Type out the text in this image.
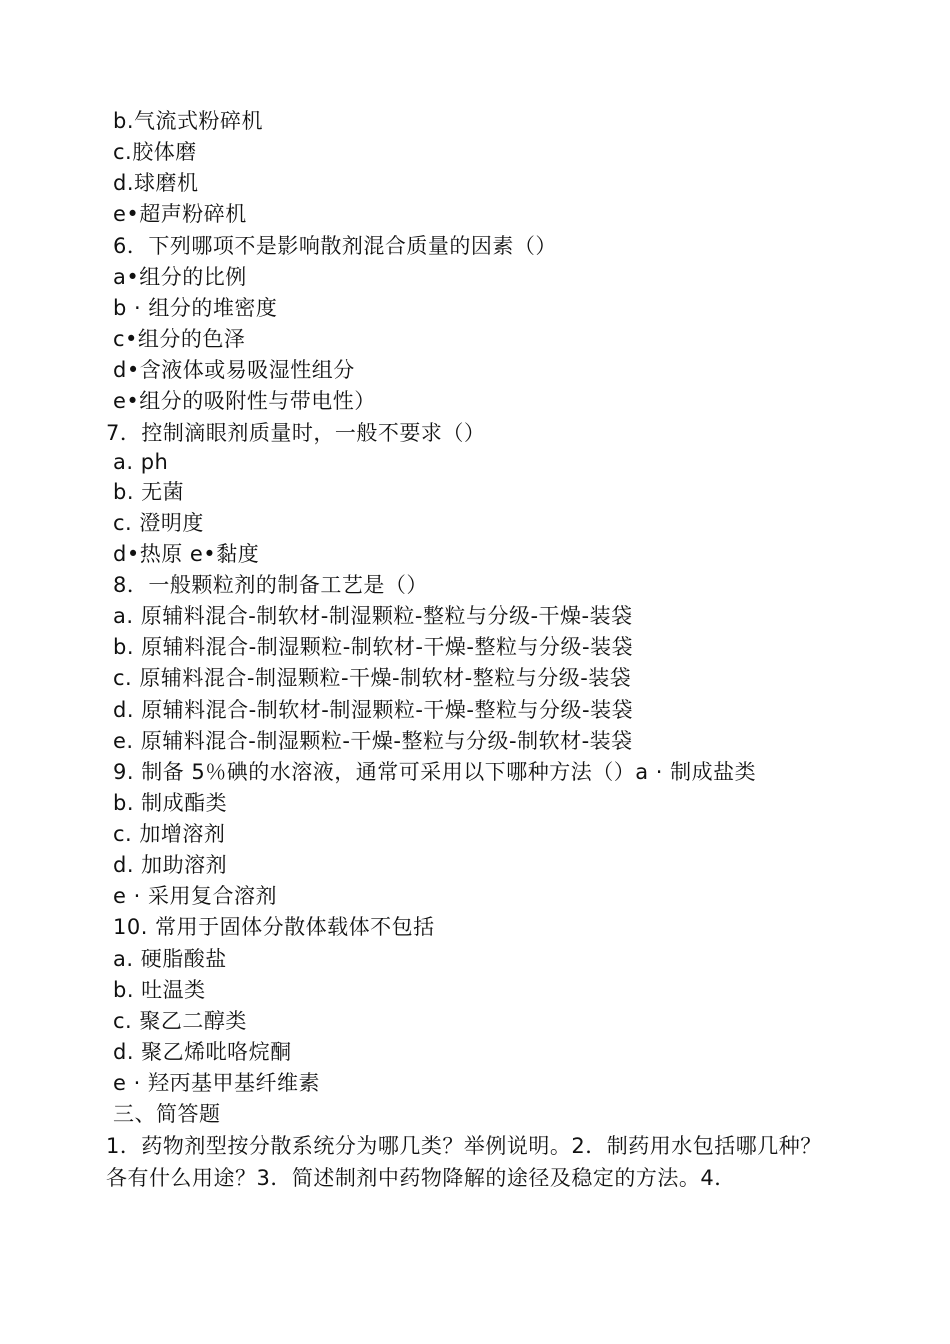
b.气流式粉碎机
c.胶体磨
d.球磨机
e•超声粉碎机
6．下列哪项不是影响散剂混合质量的因素（）
a•组分的比例
b · 组分的堆密度
c•组分的色泽
d•含液体或易吸湿性组分
e•组分的吸附性与带电性）
7．控制滴眼剂质量时，一般不要求（）
a. ph
b. 无菌
c. 澄明度
d•热原 e•黏度
8．一般颗粒剂的制备工艺是（）
a. 原辅料混合-制软材-制湿颗粒-整粒与分级-干燥-装袋
b. 原辅料混合-制湿颗粒-制软材-干燥-整粒与分级-装袋
c. 原辅料混合-制湿颗粒-干燥-制软材-整粒与分级-装袋
d. 原辅料混合-制软材-制湿颗粒-干燥-整粒与分级-装袋
e. 原辅料混合-制湿颗粒-干燥-整粒与分级-制软材-装袋
9. 制备 5％碘的水溶液，通常可采用以下哪种方法（）a · 制成盐类
b. 制成酯类
c. 加增溶剂
d. 加助溶剂
e · 采用复合溶剂
10. 常用于固体分散体载体不包括
a. 硬脂酸盐
b. 吐温类
c. 聚乙二醇类
d. 聚乙烯吡咯烷酮
e · 羟丙基甲基纤维素
三、简答题
1．药物剂型按分散系统分为哪几类？举例说明。2．制药用水包括哪几种？各有什么用途？3．简述制剂中药物降解的途径及稳定的方法。4．
